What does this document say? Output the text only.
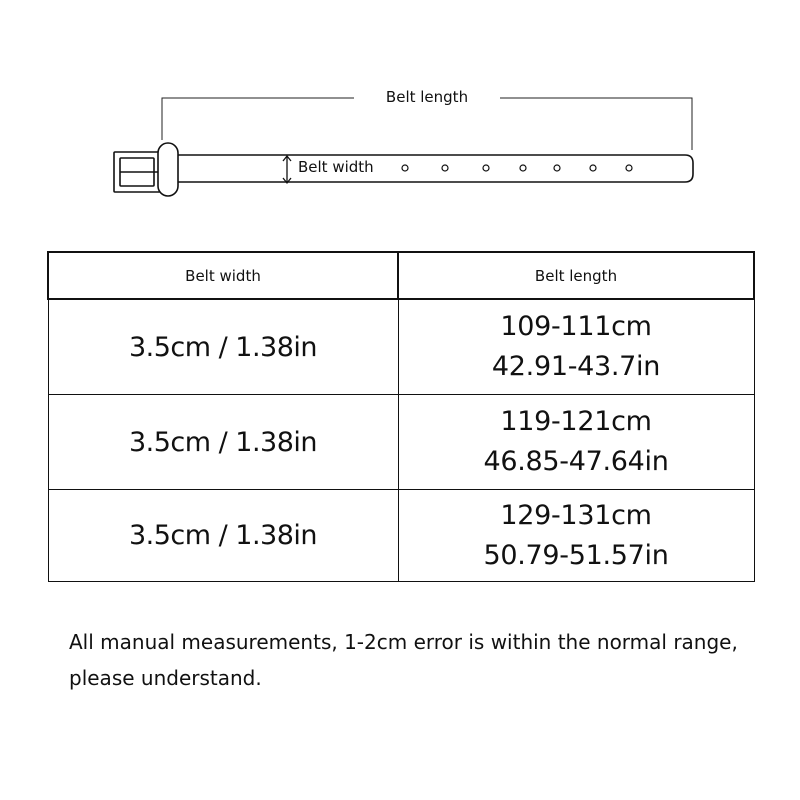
Belt length
Belt width
Belt width	Belt length
3.5cm / 1.38in	109-111cm
42.91-43.7in

3.5cm / 1.38in	119-121cm
46.85-47.64in

3.5cm / 1.38in	129-131cm
50.79-51.57in
All manual measurements, 1-2cm error is within the normal range,
please understand.
